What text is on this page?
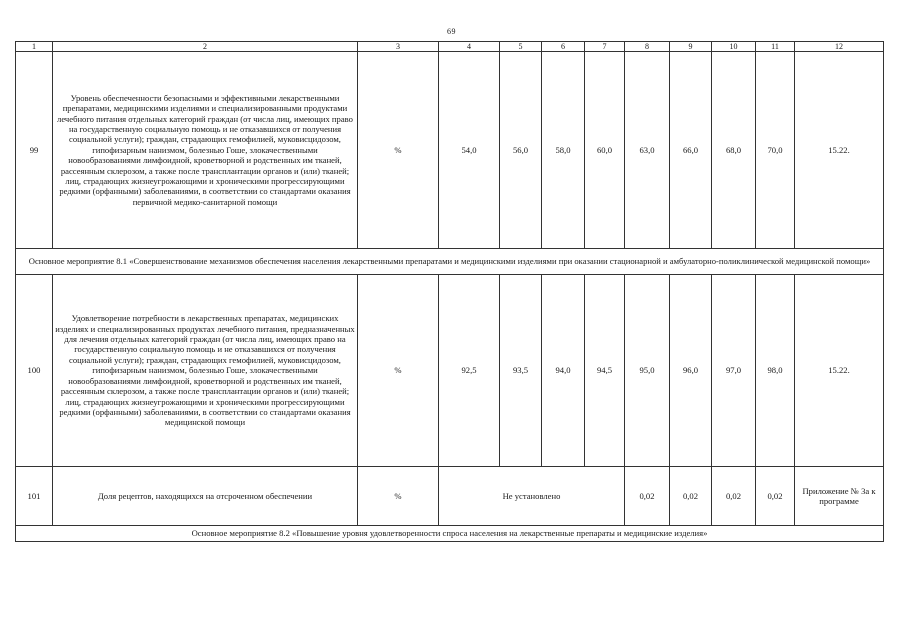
69
1	2	3	4	5	6	7	8	9	10	11	12
99	Уровень обеспеченности безопасными и эффективными лекарственными препаратами, медицинскими изделиями и специализированными продуктами лечебного питания отдельных категорий граждан (от числа лиц, имеющих право на государственную социальную помощь и не отказавшихся от получения социальной услуги); граждан, страдающих гемофилией, муковисцидозом, гипофизарным нанизмом, болезнью Гоше, злокачественными новообразованиями лимфоидной, кроветворной и родственных им тканей, рассеянным склерозом, а также после трансплантации органов и (или) тканей; лиц, страдающих жизнеугрожающими и хроническими прогрессирующими редкими (орфанными) заболеваниями, в соответствии со стандартами оказания первичной медико-санитарной помощи	%	54,0	56,0	58,0	60,0	63,0	66,0	68,0	70,0	15.22.
Основное мероприятие 8.1 «Совершенствование механизмов обеспечения населения лекарственными препаратами и медицинскими изделиями при оказании стационарной и амбулаторно-поликлинической медицинской помощи»											
100	Удовлетворение потребности в лекарственных препаратах, медицинских изделиях и специализированных продуктах лечебного питания, предназначенных для лечения отдельных категорий граждан (от числа лиц, имеющих право на государственную социальную помощь и не отказавшихся от получения социальной услуги); граждан, страдающих гемофилией, муковисцидозом, гипофизарным нанизмом, болезнью Гоше, злокачественными новообразованиями лимфоидной, кроветворной и родственных им тканей, рассеянным склерозом, а также после трансплантации органов и (или) тканей; лиц, страдающих жизнеугрожающими и хроническими прогрессирующими редкими (орфанными) заболеваниями, в соответствии со стандартами оказания медицинской помощи	%	92,5	93,5	94,0	94,5	95,0	96,0	97,0	98,0	15.22.
101	Доля рецептов, находящихся на отсроченном обеспечении	%	Не установлено				0,02	0,02	0,02	0,02	Приложение № 3а к программе
Основное мероприятие 8.2 «Повышение уровня удовлетворенности спроса населения на лекарственные препараты и медицинские изделия»											
